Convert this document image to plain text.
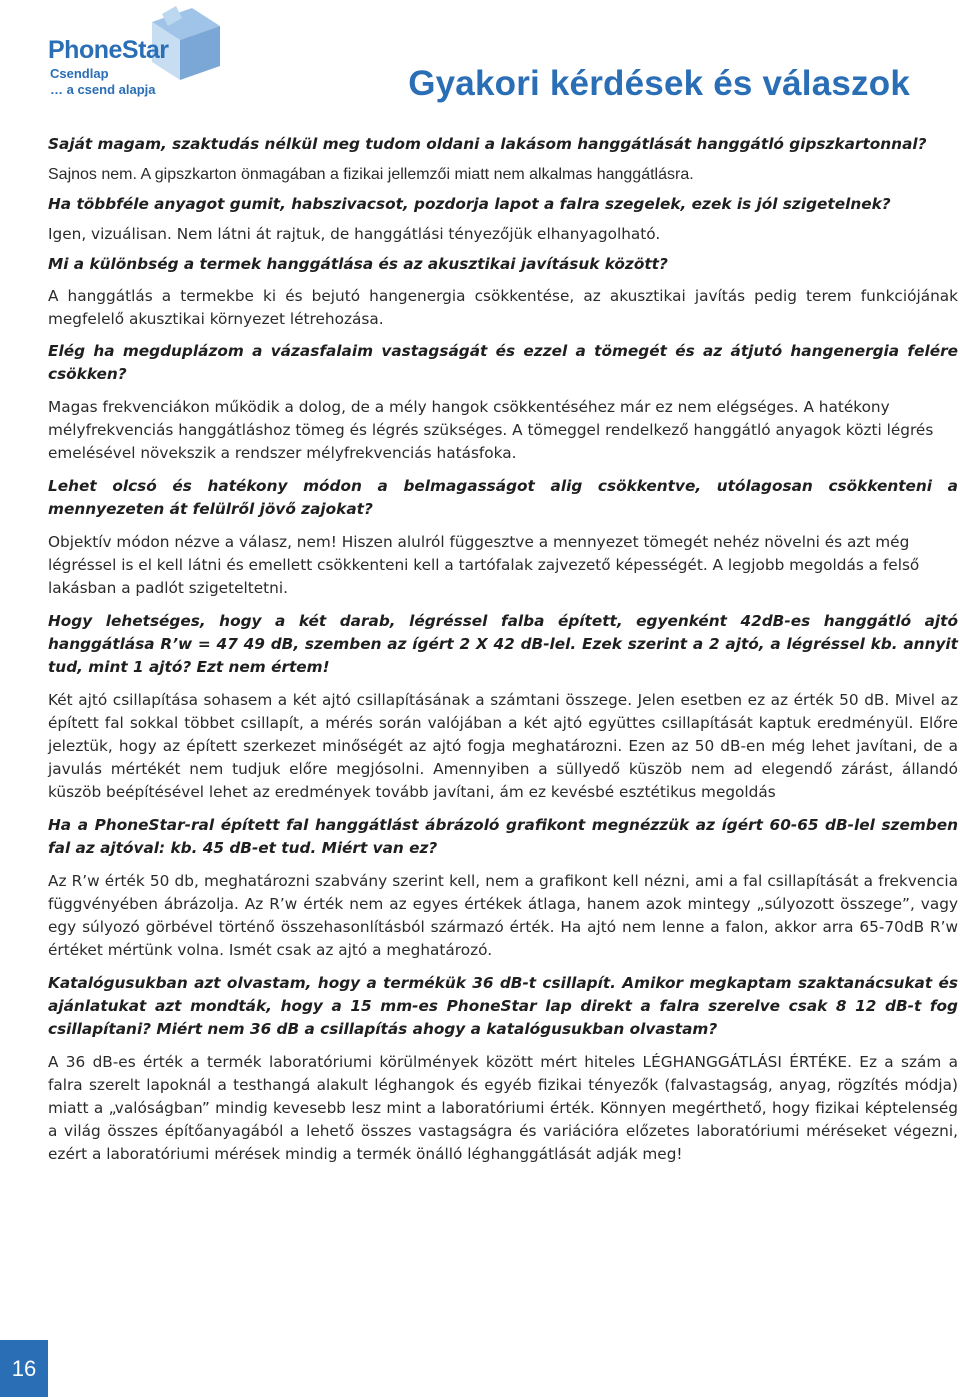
PhoneStar
Csendlap
… a csend alapja	Gyakori kérdések és válaszok

Saját magam, szaktudás nélkül meg tudom oldani a lakásom hanggátlását hanggátló gipszkartonnal?

Sajnos nem. A gipszkarton önmagában a fizikai jellemzői miatt nem alkalmas hanggátlásra.

Ha többféle anyagot gumit, habszivacsot, pozdorja lapot a falra szegelek, ezek is jól szigetelnek?

Igen, vizuálisan. Nem látni át rajtuk, de hanggátlási tényezőjük elhanyagolható.

Mi a különbség a termek hanggátlása és az akusztikai javításuk között?

A hanggátlás a termekbe ki és bejutó hangenergia csökkentése, az akusztikai javítás pedig terem funkciójának megfelelő akusztikai környezet létrehozása.

Elég ha megduplázom a vázasfalaim vastagságát és ezzel a tömegét és az átjutó hangenergia felére csökken?

Magas frekvenciákon működik a dolog, de a mély hangok csökkentéséhez már ez nem elégséges. A hatékony mélyfrekvenciás hanggátláshoz tömeg és légrés szükséges. A tömeggel rendelkező hanggátló anyagok közti légrés emelésével növekszik a rendszer mélyfrekvenciás hatásfoka.

Lehet olcsó és hatékony módon a belmagasságot alig csökkentve, utólagosan csökkenteni a mennyezeten át felülről jövő zajokat?

Objektív módon nézve a válasz, nem! Hiszen alulról függesztve a mennyezet tömegét nehéz növelni és azt még légréssel is el kell látni és emellett csökkenteni kell a tartófalak zajvezető képességét. A legjobb megoldás a felső lakásban a padlót szigeteltetni.

Hogy lehetséges, hogy a két darab, légréssel falba épített, egyenként 42dB-es hanggátló ajtó hanggátlása R’w = 47 49 dB, szemben az ígért 2 X 42 dB-lel. Ezek szerint a 2 ajtó, a légréssel kb. annyit tud, mint 1 ajtó? Ezt nem értem!

Két ajtó csillapítása sohasem a két ajtó csillapításának a számtani összege. Jelen esetben ez az érték 50 dB. Mivel az épített fal sokkal többet csillapít, a mérés során valójában a két ajtó együttes csillapítását kaptuk eredményül. Előre jeleztük, hogy az épített szerkezet minőségét az ajtó fogja meghatározni. Ezen az 50 dB-en még lehet javítani, de a javulás mértékét nem tudjuk előre megjósolni. Amennyiben a süllyedő küszöb nem ad elegendő zárást, állandó küszöb beépítésével lehet az eredmények tovább javítani, ám ez kevésbé esztétikus megoldás

Ha a PhoneStar-ral épített fal hanggátlást ábrázoló grafikont megnézzük az ígért 60-65 dB-lel szemben fal az ajtóval: kb. 45 dB-et tud. Miért van ez?

Az R’w érték 50 db, meghatározni szabvány szerint kell, nem a grafikont kell nézni, ami a fal csillapítását a frekvencia függvényében ábrázolja. Az R’w érték nem az egyes értékek átlaga, hanem azok mintegy „súlyozott összege”, vagy egy súlyozó görbével történő összehasonlításból származó érték. Ha ajtó nem lenne a falon, akkor arra 65-70dB R’w értéket mértünk volna. Ismét csak az ajtó a meghatározó.

Katalógusukban azt olvastam, hogy a termékük 36 dB-t csillapít. Amikor megkaptam szaktanácsukat és ajánlatukat azt mondták, hogy a 15 mm-es PhoneStar lap direkt a falra szerelve csak 8 12 dB-t fog csillapítani? Miért nem 36 dB a csillapítás ahogy a katalógusukban olvastam?

A 36 dB-es érték a termék laboratóriumi körülmények között mért hiteles LÉGHANGGÁTLÁSI ÉRTÉKE. Ez a szám a falra szerelt lapoknál a testhangá alakult léghangok és egyéb fizikai tényezők (falvastagság, anyag, rögzítés módja) miatt a „valóságban” mindig kevesebb lesz mint a laboratóriumi érték. Könnyen megérthető, hogy fizikai képtelenség a világ összes építőanyagából a lehető összes vastagságra és variációra előzetes laboratóriumi méréseket végezni, ezért a laboratóriumi mérések mindig a termék önálló léghanggátlását adják meg!

16
